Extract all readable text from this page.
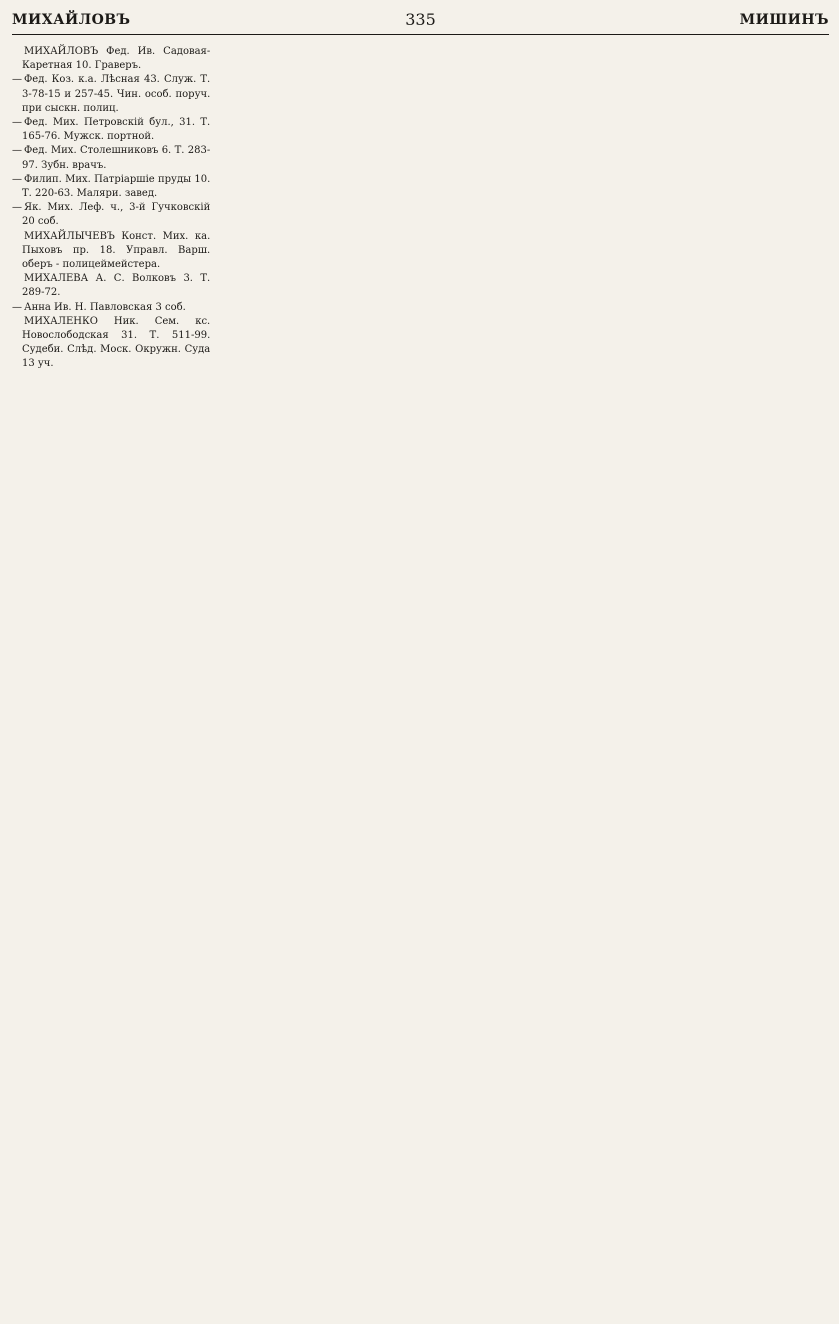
МИХАЙЛОВЪ	335	МИШИНЪ
МИХАЙЛОВЪ Фед. Ив. Садовая-Каретная 10. Граверъ.
— Фед. Коз. к.а. Лѣсная 43. Служ. Т. 3-78-15 и 257-45. Чин. особ. поруч. при сыскн. полиц.
— Фед. Мих. Петровскій бул., 31. Т. 165-76. Мужск. портной.
— Фед. Мих. Столешниковъ 6. Т. 283-97. Зубн. врачъ.
— Филип. Мих. Патріаршіе пруды 10. Т. 220-63. Маляри. завед.
— Як. Мих. Леф. ч., 3-й Гучковскій 20 соб.
МИХАЙЛЫЧЕВЪ Конст. Мих. ка. Пыховъ пр. 18. Управл. Варш. оберъ - полицеймейстера.
МИХАЛЕВА А. С. Волковъ 3. Т. 289-72.
— Анна Ив. Н. Павловская 3 соб.
МИХАЛЕНКО Ник. Сем. кс. Новослободская 31. Т. 511-99. Судеби. Слѣд. Моск. Окружн. Суда 13 уч.
